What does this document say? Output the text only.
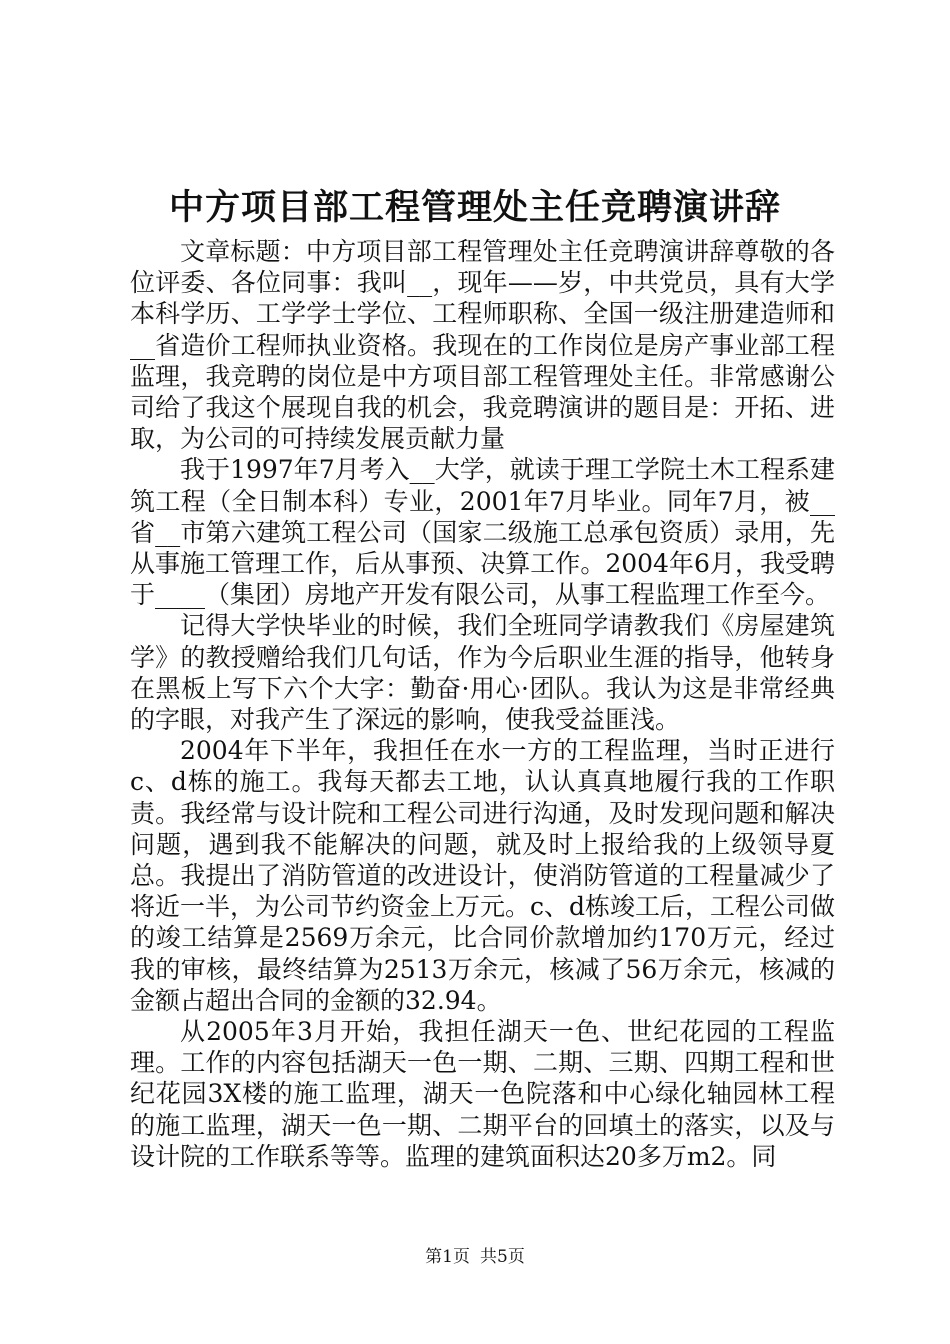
中方项目部工程管理处主任竞聘演讲辞

文章标题：中方项目部工程管理处主任竞聘演讲辞尊敬的各位评委、各位同事：我叫__，现年——岁，中共党员，具有大学本科学历、工学学士学位、工程师职称、全国一级注册建造师和__省造价工程师执业资格。我现在的工作岗位是房产事业部工程监理，我竞聘的岗位是中方项目部工程管理处主任。非常感谢公司给了我这个展现自我的机会，我竞聘演讲的题目是：开拓、进取，为公司的可持续发展贡献力量

我于1997年7月考入__大学，就读于理工学院土木工程系建筑工程（全日制本科）专业，2001年7月毕业。同年7月，被__省__市第六建筑工程公司（国家二级施工总承包资质）录用，先从事施工管理工作，后从事预、决算工作。2004年6月，我受聘于____（集团）房地产开发有限公司，从事工程监理工作至今。

记得大学快毕业的时候，我们全班同学请教我们《房屋建筑学》的教授赠给我们几句话，作为今后职业生涯的指导，他转身在黑板上写下六个大字：勤奋·用心·团队。我认为这是非常经典的字眼，对我产生了深远的影响，使我受益匪浅。

2004年下半年，我担任在水一方的工程监理，当时正进行c、d栋的施工。我每天都去工地，认认真真地履行我的工作职责。我经常与设计院和工程公司进行沟通，及时发现问题和解决问题，遇到我不能解决的问题，就及时上报给我的上级领导夏总。我提出了消防管道的改进设计，使消防管道的工程量减少了将近一半，为公司节约资金上万元。c、d栋竣工后，工程公司做的竣工结算是2569万余元，比合同价款增加约170万元，经过我的审核，最终结算为2513万余元，核减了56万余元，核减的金额占超出合同的金额的32.94。

从2005年3月开始，我担任湖天一色、世纪花园的工程监理。工作的内容包括湖天一色一期、二期、三期、四期工程和世纪花园3X楼的施工监理，湖天一色院落和中心绿化轴园林工程的施工监理，湖天一色一期、二期平台的回填土的落实，以及与设计院的工作联系等等。监理的建筑面积达20多万m2。同

第1页 共5页
